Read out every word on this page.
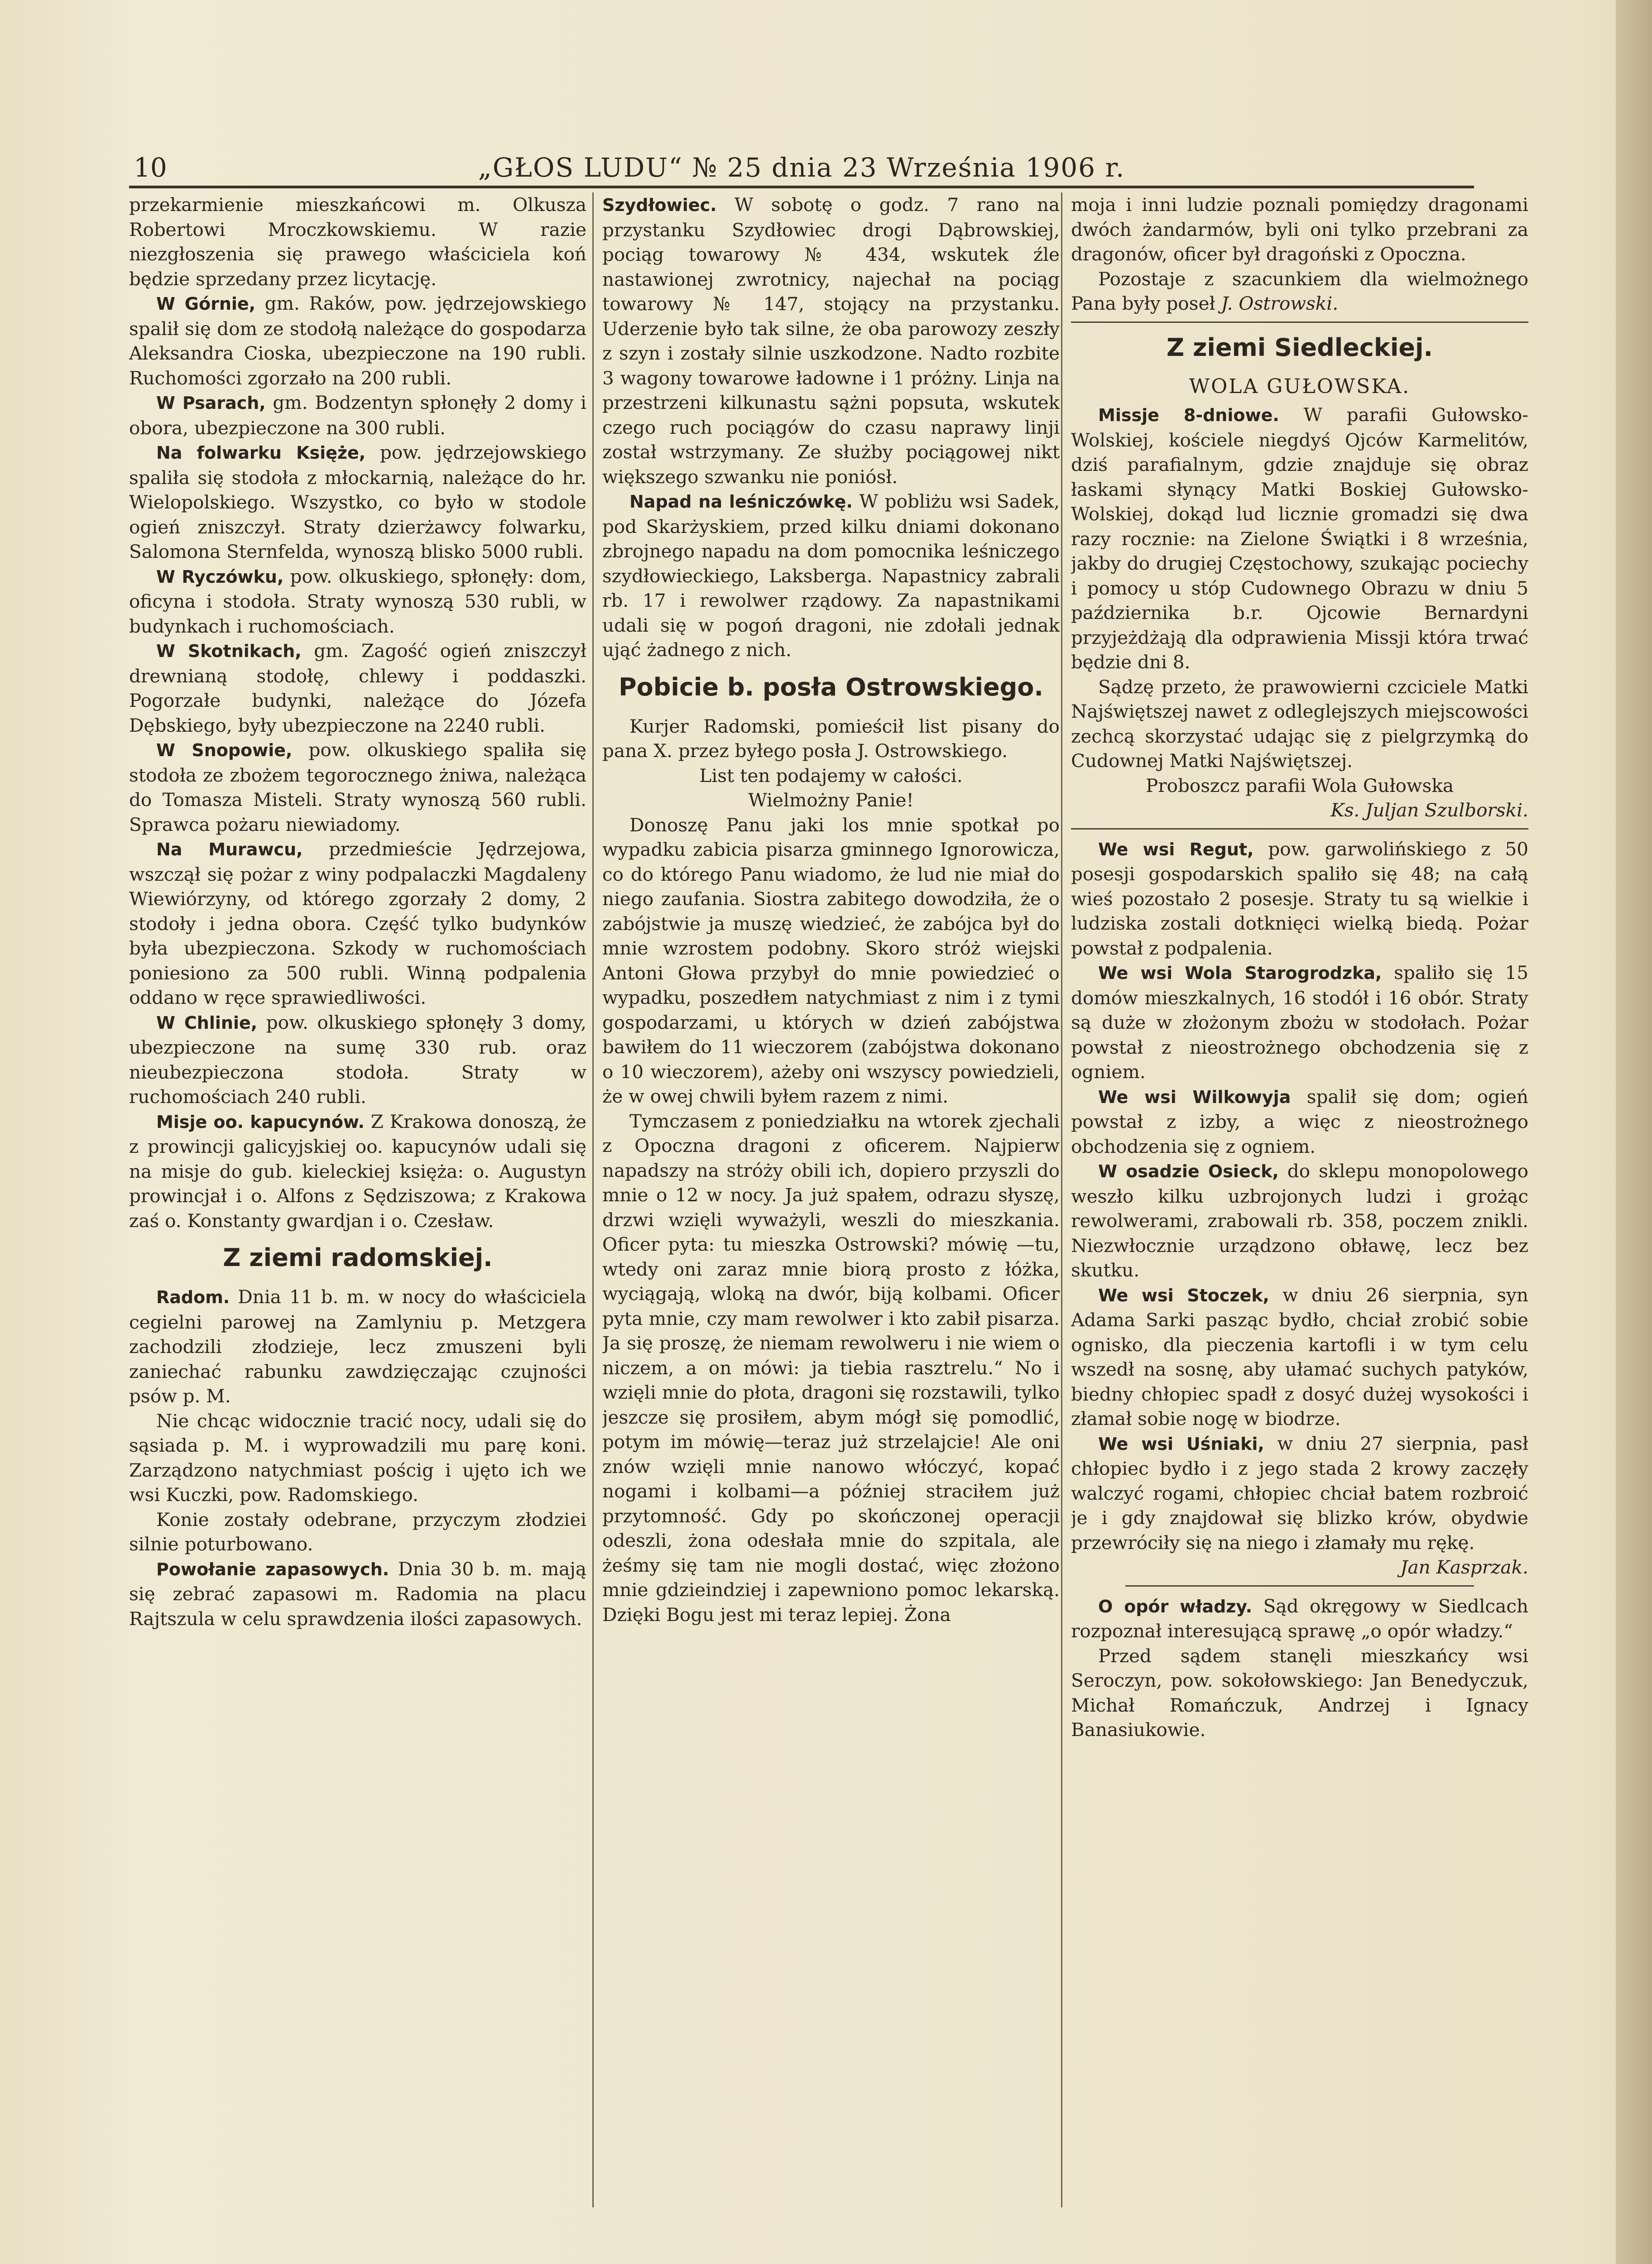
10	„GŁOS LUDU“ № 25 dnia 23 Września 1906 r.

przekarmienie mieszkańcowi m. Olkusza Robertowi Mroczkowskiemu. W razie niezgłoszenia się prawego właściciela koń będzie sprzedany przez licytację.

W Górnie, gm. Raków, pow. jędrzejowskiego spalił się dom ze stodołą należące do gospodarza Aleksandra Cioska, ubezpieczone na 190 rubli. Ruchomości zgorzało na 200 rubli.

W Psarach, gm. Bodzentyn spłonęły 2 domy i obora, ubezpieczone na 300 rubli.

Na folwarku Księże, pow. jędrzejowskiego spaliła się stodoła z młockarnią, należące do hr. Wielopolskiego. Wszystko, co było w stodole ogień zniszczył. Straty dzierżawcy folwarku, Salomona Sternfelda, wynoszą blisko 5000 rubli.

W Ryczówku, pow. olkuskiego, spłonęły: dom, oficyna i stodoła. Straty wynoszą 530 rubli, w budynkach i ruchomościach.

W Skotnikach, gm. Zagość ogień zniszczył drewnianą stodołę, chlewy i poddaszki. Pogorzałe budynki, należące do Józefa Dębskiego, były ubezpieczone na 2240 rubli.

W Snopowie, pow. olkuskiego spaliła się stodoła ze zbożem tegorocznego żniwa, należąca do Tomasza Misteli. Straty wynoszą 560 rubli. Sprawca pożaru niewiadomy.

Na Murawcu, przedmieście Jędrzejowa, wszczął się pożar z winy podpalaczki Magdaleny Wiewiórzyny, od którego zgorzały 2 domy, 2 stodoły i jedna obora. Część tylko budynków była ubezpieczona. Szkody w ruchomościach poniesiono za 500 rubli. Winną podpalenia oddano w ręce sprawiedliwości.

W Chlinie, pow. olkuskiego spłonęły 3 domy, ubezpieczone na sumę 330 rub. oraz nieubezpieczona stodoła. Straty w ruchomościach 240 rubli.

Misje oo. kapucynów. Z Krakowa donoszą, że z prowincji galicyjskiej oo. kapucynów udali się na misje do gub. kieleckiej księża: o. Augustyn prowincjał i o. Alfons z Sędziszowa; z Krakowa zaś o. Konstanty gwardjan i o. Czesław.

Z ziemi radomskiej.

Radom. Dnia 11 b. m. w nocy do właściciela cegielni parowej na Zamlyniu p. Metzgera zachodzili złodzieje, lecz zmuszeni byli zaniechać rabunku zawdzięczając czujności psów p. M.

Nie chcąc widocznie tracić nocy, udali się do sąsiada p. M. i wyprowadzili mu parę koni. Zarządzono natychmiast pościg i ujęto ich we wsi Kuczki, pow. Radomskiego.

Konie zostały odebrane, przyczym złodziei silnie poturbowano.

Powołanie zapasowych. Dnia 30 b. m. mają się zebrać zapasowi m. Radomia na placu Rajtszula w celu sprawdzenia ilości zapasowych.

Szydłowiec. W sobotę o godz. 7 rano na przystanku Szydłowiec drogi Dąbrowskiej, pociąg towarowy № 434, wskutek źle nastawionej zwrotnicy, najechał na pociąg towarowy № 147, stojący na przystanku. Uderzenie było tak silne, że oba parowozy zeszły z szyn i zostały silnie uszkodzone. Nadto rozbite 3 wagony towarowe ładowne i 1 próżny. Linja na przestrzeni kilkunastu sążni popsuta, wskutek czego ruch pociągów do czasu naprawy linji został wstrzymany. Ze służby pociągowej nikt większego szwanku nie poniósł.

Napad na leśniczówkę. W pobliżu wsi Sadek, pod Skarżyskiem, przed kilku dniami dokonano zbrojnego napadu na dom pomocnika leśniczego szydłowieckiego, Laksberga. Napastnicy zabrali rb. 17 i rewolwer rządowy. Za napastnikami udali się w pogoń dragoni, nie zdołali jednak ująć żadnego z nich.

Pobicie b. posła Ostrowskiego.

Kurjer Radomski, pomieścił list pisany do pana X. przez byłego posła J. Ostrowskiego.

List ten podajemy w całości.

Wielmożny Panie!

Donoszę Panu jaki los mnie spotkał po wypadku zabicia pisarza gminnego Ignorowicza, co do którego Panu wiadomo, że lud nie miał do niego zaufania. Siostra zabitego dowodziła, że o zabójstwie ja muszę wiedzieć, że zabójca był do mnie wzrostem podobny. Skoro stróż wiejski Antoni Głowa przybył do mnie powiedzieć o wypadku, poszedłem natychmiast z nim i z tymi gospodarzami, u których w dzień zabójstwa bawiłem do 11 wieczorem (zabójstwa dokonano o 10 wieczorem), ażeby oni wszyscy powiedzieli, że w owej chwili byłem razem z nimi.

Tymczasem z poniedziałku na wtorek zjechali z Opoczna dragoni z oficerem. Najpierw napadszy na stróży obili ich, dopiero przyszli do mnie o 12 w nocy. Ja już spałem, odrazu słyszę, drzwi wzięli wyważyli, weszli do mieszkania. Oficer pyta: tu mieszka Ostrowski? mówię —tu, wtedy oni zaraz mnie biorą prosto z łóżka, wyciągają, wloką na dwór, biją kolbami. Oficer pyta mnie, czy mam rewolwer i kto zabił pisarza. Ja się proszę, że niemam rewolweru i nie wiem o niczem, a on mówi: ja tiebia rasztrelu.“ No i wzięli mnie do płota, dragoni się rozstawili, tylko jeszcze się prosiłem, abym mógł się pomodlić, potym im mówię—teraz już strzelajcie! Ale oni znów wzięli mnie nanowo włóczyć, kopać nogami i kolbami—a później straciłem już przytomność. Gdy po skończonej operacji odeszli, żona odesłała mnie do szpitala, ale żeśmy się tam nie mogli dostać, więc złożono mnie gdzieindziej i zapewniono pomoc lekarską. Dzięki Bogu jest mi teraz lepiej. Żona

moja i inni ludzie poznali pomiędzy dragonami dwóch żandarmów, byli oni tylko przebrani za dragonów, oficer był dragoński z Opoczna.

Pozostaje z szacunkiem dla wielmożnego Pana były poseł J. Ostrowski.

Z ziemi Siedleckiej.
WOLA GUŁOWSKA.

Missje 8-dniowe. W parafii Gułowsko-Wolskiej, kościele niegdyś Ojców Karmelitów, dziś parafialnym, gdzie znajduje się obraz łaskami słynący Matki Boskiej Gułowsko-Wolskiej, dokąd lud licznie gromadzi się dwa razy rocznie: na Zielone Świątki i 8 września, jakby do drugiej Częstochowy, szukając pociechy i pomocy u stóp Cudownego Obrazu w dniu 5 października b.r. Ojcowie Bernardyni przyjeżdżają dla odprawienia Missji która trwać będzie dni 8.

Sądzę przeto, że prawowierni czciciele Matki Najświętszej nawet z odleglejszych miejscowości zechcą skorzystać udając się z pielgrzymką do Cudownej Matki Najświętszej.

Proboszcz parafii Wola Gułowska

Ks. Juljan Szulborski.

We wsi Regut, pow. garwolińskiego z 50 posesji gospodarskich spaliło się 48; na całą wieś pozostało 2 posesje. Straty tu są wielkie i ludziska zostali dotknięci wielką biedą. Pożar powstał z podpalenia.

We wsi Wola Starogrodzka, spaliło się 15 domów mieszkalnych, 16 stodół i 16 obór. Straty są duże w złożonym zbożu w stodołach. Pożar powstał z nieostrożnego obchodzenia się z ogniem.

We wsi Wilkowyja spalił się dom; ogień powstał z izby, a więc z nieostrożnego obchodzenia się z ogniem.

W osadzie Osieck, do sklepu monopolowego weszło kilku uzbrojonych ludzi i grożąc rewolwerami, zrabowali rb. 358, poczem znikli. Niezwłocznie urządzono obławę, lecz bez skutku.

We wsi Stoczek, w dniu 26 sierpnia, syn Adama Sarki pasząc bydło, chciał zrobić sobie ognisko, dla pieczenia kartofli i w tym celu wszedł na sosnę, aby ułamać suchych patyków, biedny chłopiec spadł z dosyć dużej wysokości i złamał sobie nogę w biodrze.

We wsi Uśniaki, w dniu 27 sierpnia, pasł chłopiec bydło i z jego stada 2 krowy zaczęły walczyć rogami, chłopiec chciał batem rozbroić je i gdy znajdował się blizko krów, obydwie przewróciły się na niego i złamały mu rękę.

Jan Kasprzak.

O opór władzy. Sąd okręgowy w Siedlcach rozpoznał interesującą sprawę „o opór władzy.“

Przed sądem stanęli mieszkańcy wsi Seroczyn, pow. sokołowskiego: Jan Benedyczuk, Michał Romańczuk, Andrzej i Ignacy Banasiukowie.
